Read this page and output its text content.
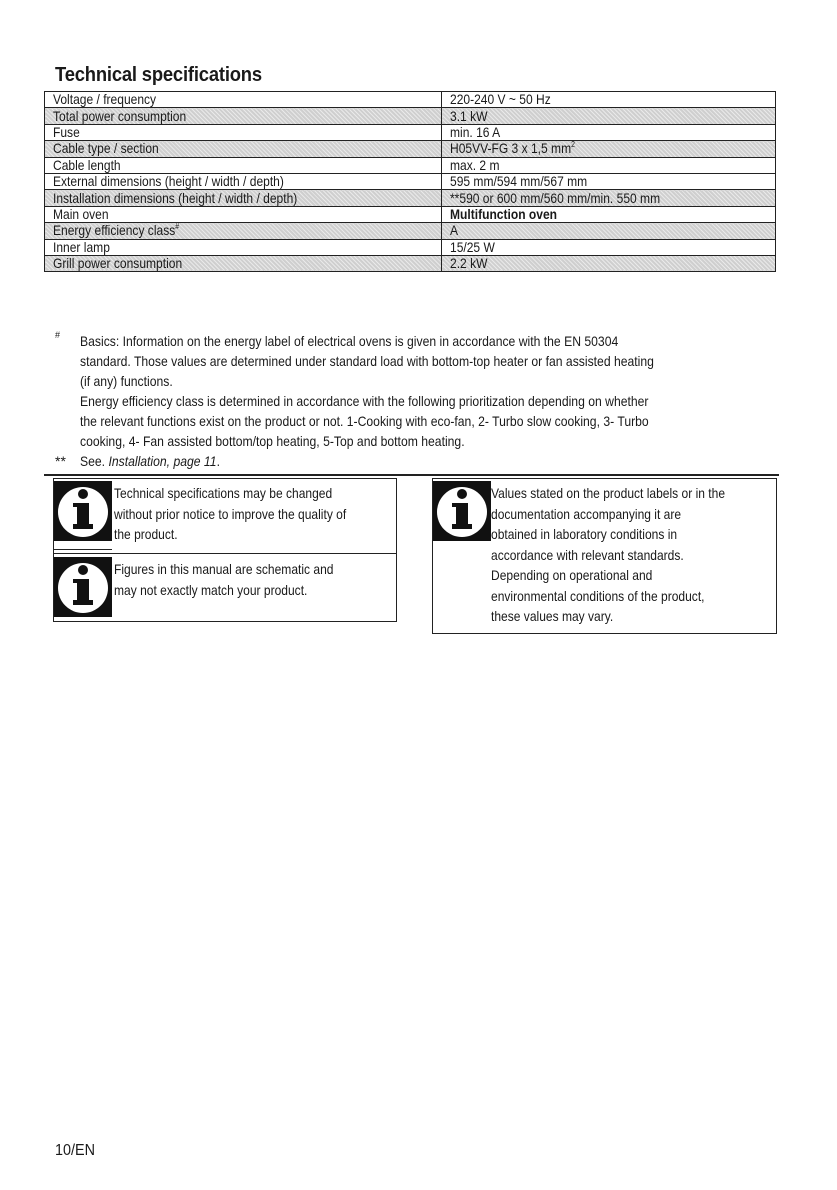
Technical specifications
Voltage / frequency	220-240 V ~ 50 Hz
Total power consumption	3.1 kW
Fuse	min. 16 A
Cable type / section	H05VV-FG 3 x 1,5 $mm^2$
Cable length	max. 2 m
External dimensions (height / width / depth)	595 mm/594 mm/567 mm
Installation dimensions (height / width / depth)	**590 or 600 mm/560 mm/min. 550 mm
Main oven	Multifunction oven
Energy efficiency class#	A
Inner lamp	15/25 W
Grill power consumption	2.2 kW
# Basics: Information on the energy label of electrical ovens is given in accordance with the EN 50304
standard. Those values are determined under standard load with bottom-top heater or fan assisted heating
(if any) functions.
Energy efficiency class is determined in accordance with the following prioritization depending on whether
the relevant functions exist on the product or not. 1-Cooking with eco-fan, 2- Turbo slow cooking, 3- Turbo
cooking, 4- Fan assisted bottom/top heating, 5-Top and bottom heating.
** See. Installation, page 11.
Technical specifications may be changed
without prior notice to improve the quality of
the product.
Figures in this manual are schematic and
may not exactly match your product.
Values stated on the product labels or in the
documentation accompanying it are
obtained in laboratory conditions in
accordance with relevant standards.
Depending on operational and
environmental conditions of the product,
these values may vary.
10/EN
